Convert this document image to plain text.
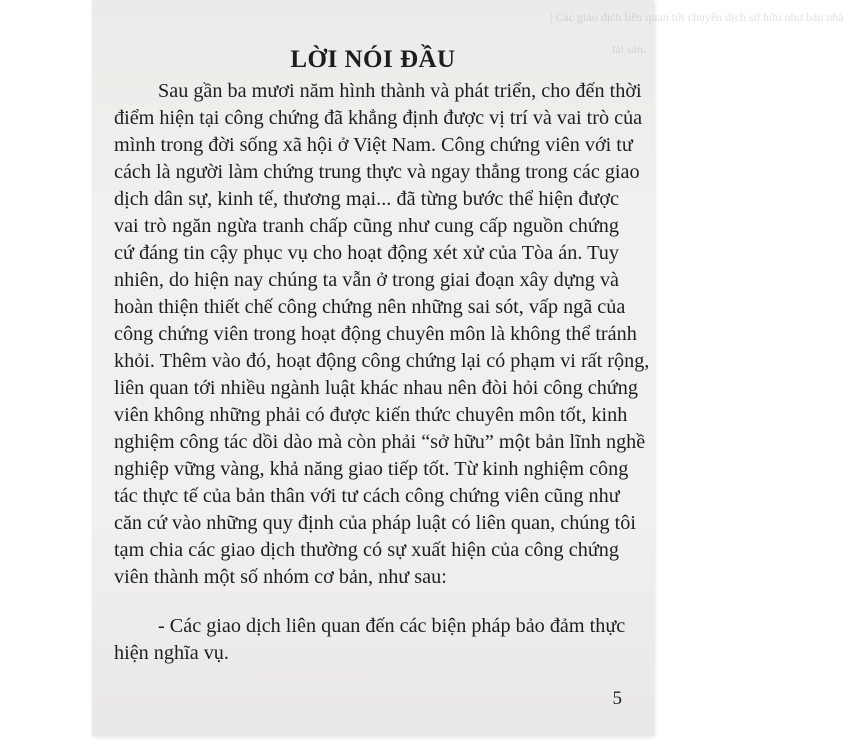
| Các giao dịch liên quan tới chuyển dịch sở hữu như bán nhà
tài sản.
LỜI NÓI ĐẦU
Sau gần ba mươi năm hình thành và phát triển, cho đến thời
điểm hiện tại công chứng đã khẳng định được vị trí và vai trò của
mình trong đời sống xã hội ở Việt Nam. Công chứng viên với tư
cách là người làm chứng trung thực và ngay thẳng trong các giao
dịch dân sự, kinh tế, thương mại... đã từng bước thể hiện được
vai trò ngăn ngừa tranh chấp cũng như cung cấp nguồn chứng
cứ đáng tin cậy phục vụ cho hoạt động xét xử của Tòa án. Tuy
nhiên, do hiện nay chúng ta vẫn ở trong giai đoạn xây dựng và
hoàn thiện thiết chế công chứng nên những sai sót, vấp ngã của
công chứng viên trong hoạt động chuyên môn là không thể tránh
khỏi. Thêm vào đó, hoạt động công chứng lại có phạm vi rất rộng,
liên quan tới nhiều ngành luật khác nhau nên đòi hỏi công chứng
viên không những phải có được kiến thức chuyên môn tốt, kinh
nghiệm công tác dồi dào mà còn phải “sở hữu” một bản lĩnh nghề
nghiệp vững vàng, khả năng giao tiếp tốt. Từ kinh nghiệm công
tác thực tế của bản thân với tư cách công chứng viên cũng như
căn cứ vào những quy định của pháp luật có liên quan, chúng tôi
tạm chia các giao dịch thường có sự xuất hiện của công chứng
viên thành một số nhóm cơ bản, như sau:
- Các giao dịch liên quan đến các biện pháp bảo đảm thực
hiện nghĩa vụ.
5
